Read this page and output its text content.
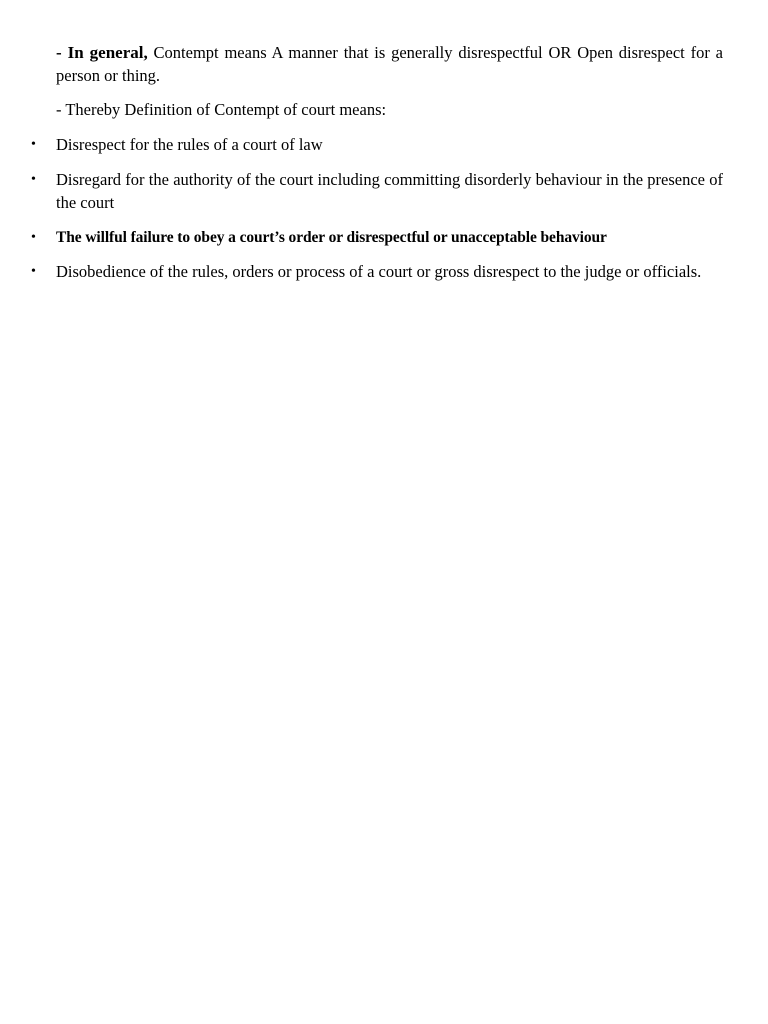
- In general, Contempt means A manner that is generally disrespectful OR Open disrespect for a person or thing.

- Thereby Definition of Contempt of court means:

• Disrespect for the rules of a court of law
• Disregard for the authority of the court including committing disorderly behaviour in the presence of the court
• The willful failure to obey a court’s order or disrespectful or unacceptable behaviour
• Disobedience of the rules, orders or process of a court or gross disrespect to the judge or officials.
